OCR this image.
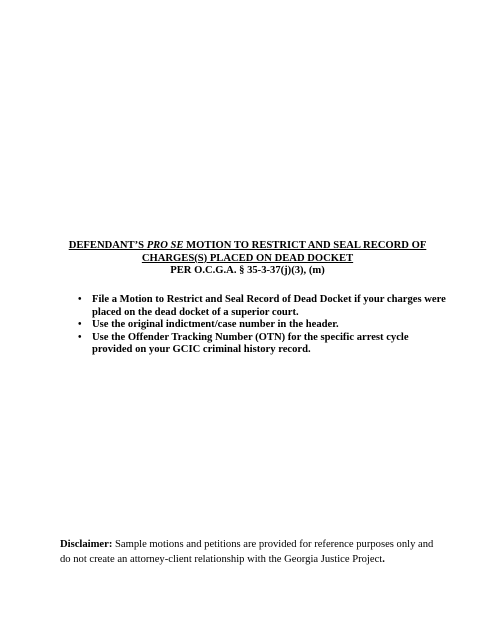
DEFENDANT’S PRO SE MOTION TO RESTRICT AND SEAL RECORD OF
CHARGES(S) PLACED ON DEAD DOCKET
PER O.C.G.A. § 35-3-37(j)(3), (m)
• File a Motion to Restrict and Seal Record of Dead Docket if your charges were placed on the dead docket of a superior court.
• Use the original indictment/case number in the header.
• Use the Offender Tracking Number (OTN) for the specific arrest cycle provided on your GCIC criminal history record.
Disclaimer: Sample motions and petitions are provided for reference purposes only and do not create an attorney-client relationship with the Georgia Justice Project.
